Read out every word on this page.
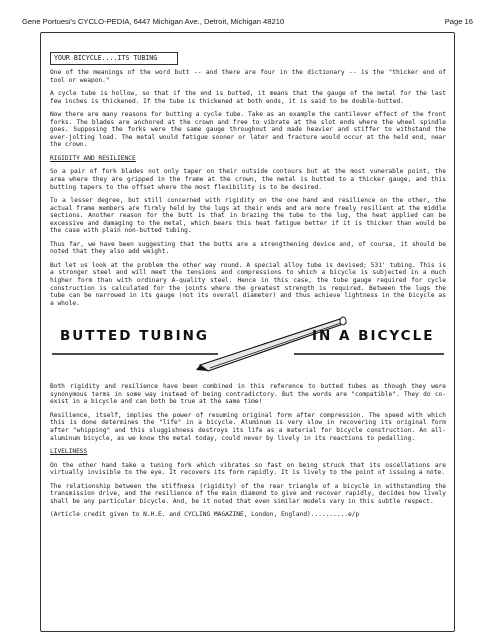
Gene Portuesi's CYCLO-PEDIA, 6447 Michigan Ave., Detroit, Michigan 48210	Page 16
YOUR BICYCLE....ITS TUBING

One of the meanings of the word butt -- and there are four in the dictionary -- is the "thicker end of tool or weapon."

A cycle tube is hollow, so that if the end is butted, it means that the gauge of the metal for the last few inches is thickened. If the tube is thickened at both ends, it is said to be double-butted.

Now there are many reasons for butting a cycle tube. Take as an example the cantilever effect of the front forks. The blades are anchored at the crown and free to vibrate at the slot ends where the wheel spindle goes. Supposing the forks were the same gauge throughout and made heavier and stiffer to withstand the ever-jolting load. The metal would fatigue sooner or later and fracture would occur at the held end, near the crown.

RIGIDITY AND RESILIENCE

So a pair of fork blades not only taper on their outside contours but at the most vunerable point, the area where they are gripped in the frame at the crown, the metal is butted to a thicker gauge, and this butting tapers to the offset where the most flexibility is to be desired.

To a lesser degree, but still concerned with rigidity on the one hand and resilience on the other, the actual frame members are firmly held by the lugs at their ends and are more freely resilient at the middle sections. Another reason for the butt is that in brazing the tube to the lug, the heat applied can be excessive and damaging to the metal, which bears this heat fatigue better if it is thicker than would be the case with plain non-butted tubing.

Thus far, we have been suggesting that the butts are a strengthening device and, of course, it should be noted that they also add weight.

But let us look at the problem the other way round. A special alloy tube is devised; 531' tubing. This is a stronger steel and will meet the tensions and compressions to which a bicycle is subjected in a much higher form than with ordinary A-quality steel. Hence in this case, the tube gauge required for cycle construction is calculated for the joints where the greatest strength is required. Between the lugs the tube can be narrowed in its gauge (not its overall diameter) and thus achieve lightness in the bicycle as a whole.

BUTTED TUBING	IN A BICYCLE

Both rigidity and resilience have been combined in this reference to butted tubes as though they were synonymous terms in some way instead of being contradictory. But the words are "compatible". They do co-exist in a bicycle and can both be true at the same time!

Resilience, itself, implies the power of resuming original form after compression. The speed with which this is done determines the "life" in a bicycle. Aluminum is very slow in recovering its original form after "whipping" and this sluggishness destroys its life as a material for bicycle construction. An all-aluminum bicycle, as we know the metal today, could never by lively in its reactions to pedalling.

LIVELINESS

On the other hand take a tuning fork which vibrates so fast on being struck that its oscellations are virtually invisible to the eye. It recovers its form rapidly. It is lively to the point of issuing a note.

The relationship between the stiffness (rigidity) of the rear triangle of a bicycle in withstanding the transmission drive, and the resilience of the main diamond to give and recover rapidly, decides how lively shall be any particular bicycle. And, be it noted that even similar models vary in this subtle respect.

(Article credit given to N.H.E. and CYCLING MAGAZINE, London, England)..........e/p
